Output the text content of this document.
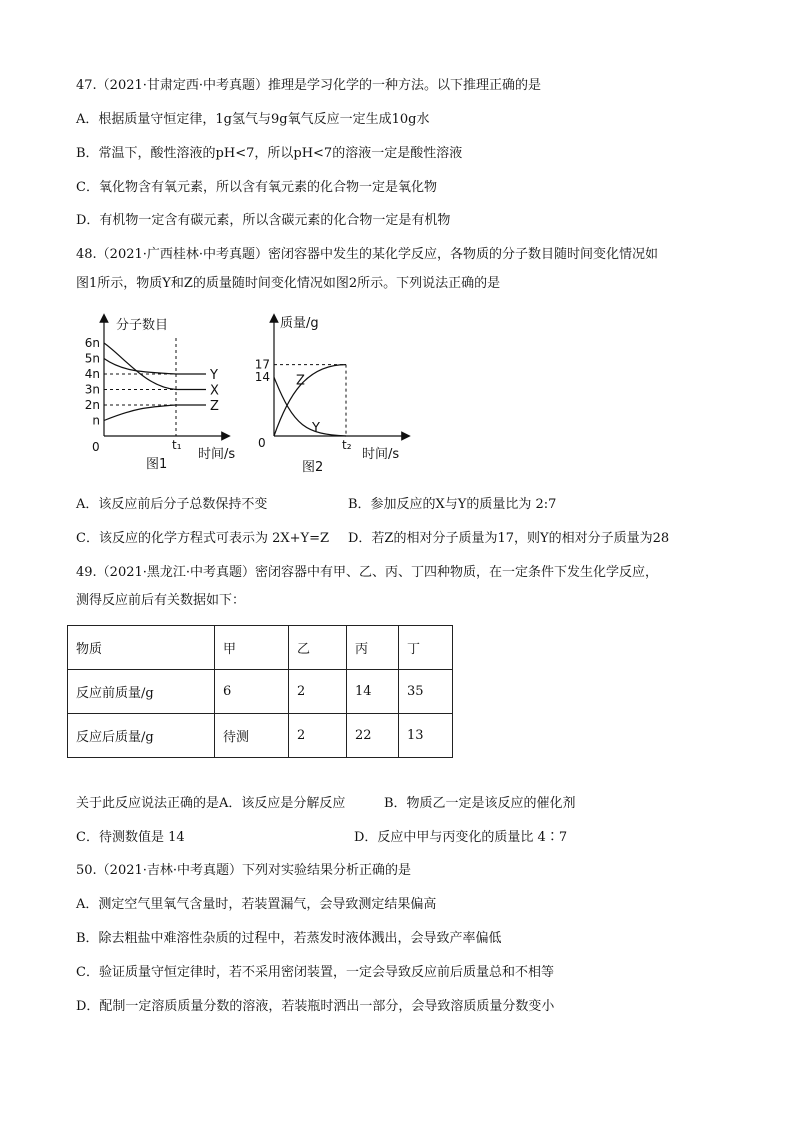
47.（2021·甘肃定西·中考真题）推理是学习化学的一种方法。以下推理正确的是
A．根据质量守恒定律，1g氢气与9g氧气反应一定生成10g水
B．常温下，酸性溶液的pH<7，所以pH<7的溶液一定是酸性溶液
C．氧化物含有氧元素，所以含有氧元素的化合物一定是氧化物
D．有机物一定含有碳元素，所以含碳元素的化合物一定是有机物
48.（2021·广西桂林·中考真题）密闭容器中发生的某化学反应，各物质的分子数目随时间变化情况如
图1所示，物质Y和Z的质量随时间变化情况如图2所示。下列说法正确的是
分子数目
时间/s
0
图1
t₁
6n
5n
4n
3n
2n
n
Y
X
Z
质量/g
时间/s
0
图2
t₂
17
14 Z
Y
A．该反应前后分子总数保持不变	B．参加反应的X与Y的质量比为 2:7
C．该反应的化学方程式可表示为 2X+Y=Z D．若Z的相对分子质量为17，则Y的相对分子质量为28
49.（2021·黑龙江·中考真题）密闭容器中有甲、乙、丙、丁四种物质，在一定条件下发生化学反应，
测得反应前后有关数据如下：
物质	甲	乙	丙	丁
反应前质量/g	6	2	14	35
反应后质量/g	待测	2	22	13
关于此反应说法正确的是A．该反应是分解反应	B．物质乙一定是该反应的催化剂
C．待测数值是 14	D．反应中甲与丙变化的质量比 4∶7
50.（2021·吉林·中考真题）下列对实验结果分析正确的是
A．测定空气里氧气含量时，若装置漏气，会导致测定结果偏高
B．除去粗盐中难溶性杂质的过程中，若蒸发时液体溅出，会导致产率偏低
C．验证质量守恒定律时，若不采用密闭装置，一定会导致反应前后质量总和不相等
D．配制一定溶质质量分数的溶液，若装瓶时洒出一部分，会导致溶质质量分数变小
